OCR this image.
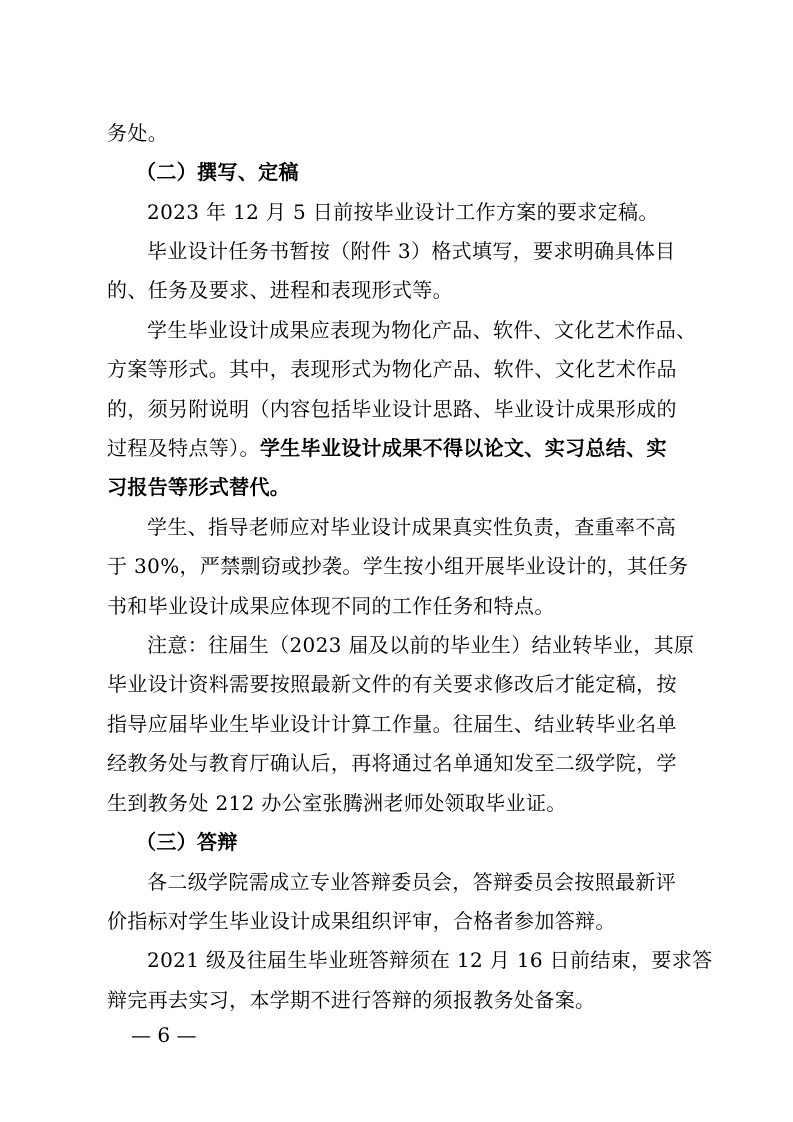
务处。
（二）撰写、定稿
2023 年 12 月 5 日前按毕业设计工作方案的要求定稿。
毕业设计任务书暂按（附件 3）格式填写，要求明确具体目
的、任务及要求、进程和表现形式等。
学生毕业设计成果应表现为物化产品、软件、文化艺术作品、
方案等形式。其中，表现形式为物化产品、软件、文化艺术作品
的，须另附说明（内容包括毕业设计思路、毕业设计成果形成的
过程及特点等）。学生毕业设计成果不得以论文、实习总结、实
习报告等形式替代。
学生、指导老师应对毕业设计成果真实性负责，查重率不高
于 30%，严禁剽窃或抄袭。学生按小组开展毕业设计的，其任务
书和毕业设计成果应体现不同的工作任务和特点。
注意：往届生（2023 届及以前的毕业生）结业转毕业，其原
毕业设计资料需要按照最新文件的有关要求修改后才能定稿，按
指导应届毕业生毕业设计计算工作量。往届生、结业转毕业名单
经教务处与教育厅确认后，再将通过名单通知发至二级学院，学
生到教务处 212 办公室张腾洲老师处领取毕业证。
（三）答辩
各二级学院需成立专业答辩委员会，答辩委员会按照最新评
价指标对学生毕业设计成果组织评审，合格者参加答辩。
2021 级及往届生毕业班答辩须在 12 月 16 日前结束，要求答
辩完再去实习，本学期不进行答辩的须报教务处备案。
— 6 —
